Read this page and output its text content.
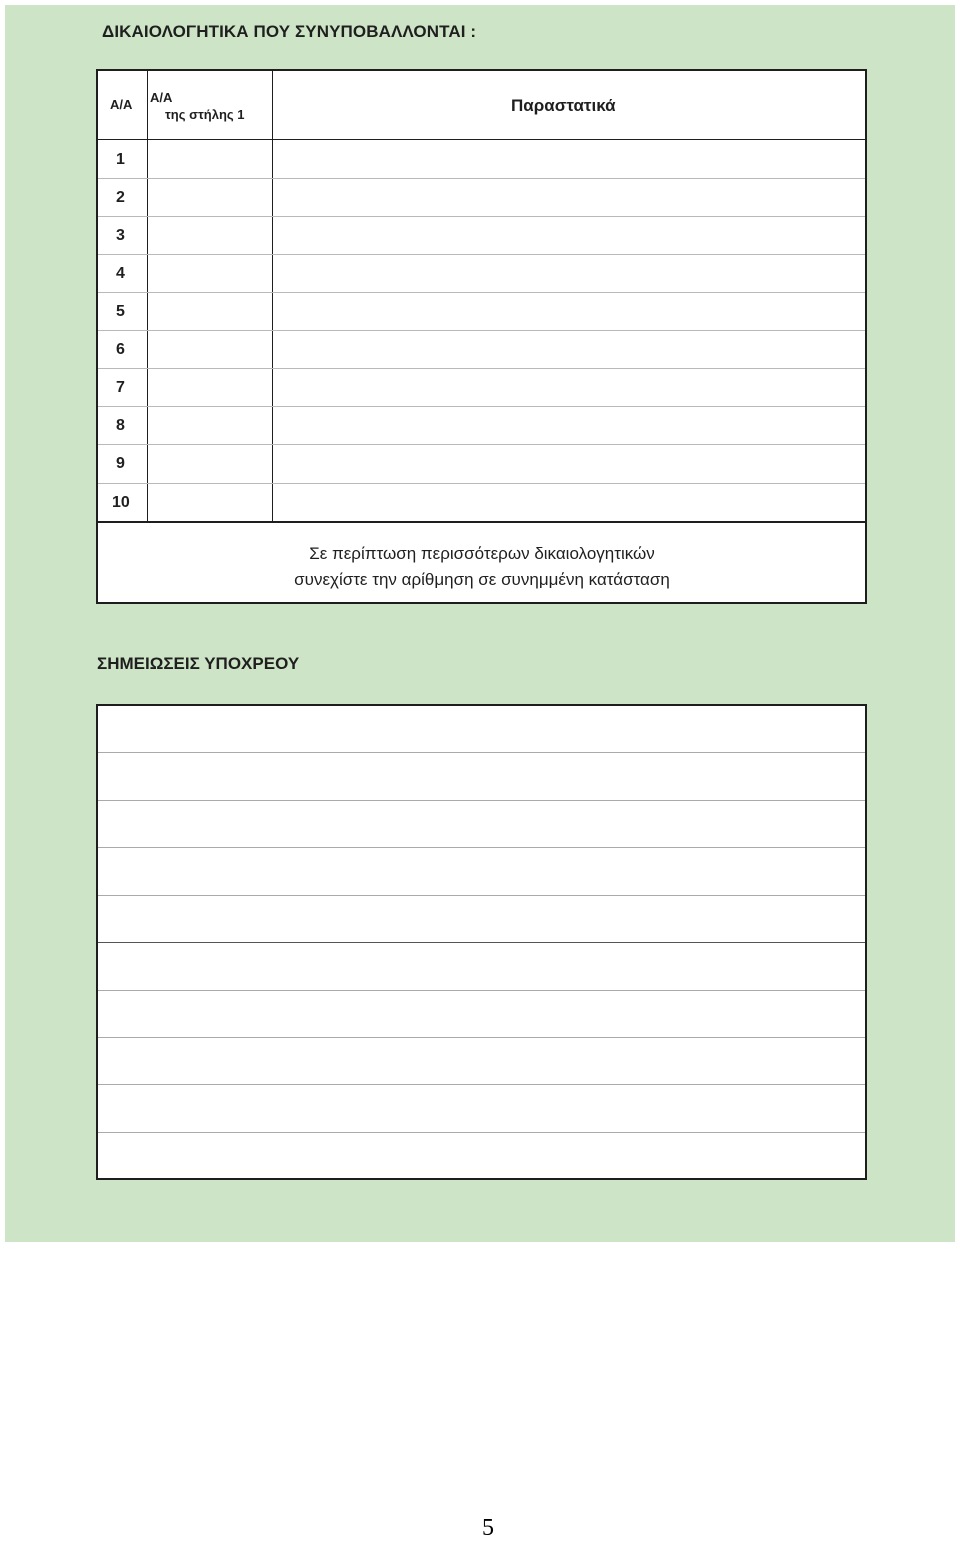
ΔΙΚΑΙΟΛΟΓΗΤΙΚΑ ΠΟΥ ΣΥΝΥΠΟΒΑΛΛΟΝΤΑΙ :
Α/Α Α/Α
της στήλης 1	Παραστατικά
1
2
3
4
5
6
7
8
9
10
Σε περίπτωση περισσότερων δικαιολογητικών
συνεχίστε την αρίθμηση σε συνημμένη κατάσταση
ΣΗΜΕΙΩΣΕΙΣ ΥΠΟΧΡΕΟΥ
5
